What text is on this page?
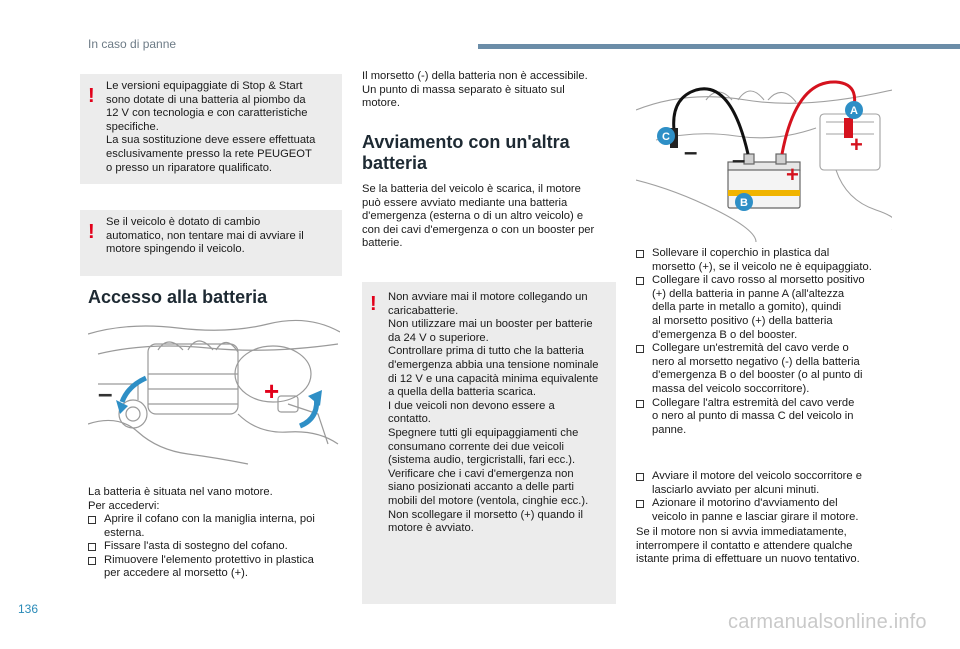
In caso di panne
!	Le versioni equipaggiate di Stop & Start
sono dotate di una batteria al piombo da
12 V con tecnologia e con caratteristiche
specifiche.
La sua sostituzione deve essere effettuata
esclusivamente presso la rete PEUGEOT
o presso un riparatore qualificato.

!	Se il veicolo è dotato di cambio
automatico, non tentare mai di avviare il
motore spingendo il veicolo.

Accesso alla batteria
–	+
La batteria è situata nel vano motore.
Per accedervi:
Aprire il cofano con la maniglia interna, poi
esterna.
Fissare l'asta di sostegno del cofano.
Rimuovere l'elemento protettivo in plastica
per accedere al morsetto (+).
Il morsetto (-) della batteria non è accessibile.
Un punto di massa separato è situato sul
motore.
Avviamento con un'altra
batteria
Se la batteria del veicolo è scarica, il motore
può essere avviato mediante una batteria
d'emergenza (esterna o di un altro veicolo) e
con dei cavi d'emergenza o con un booster per
batterie.
!	Non avviare mai il motore collegando un
caricabatterie.
Non utilizzare mai un booster per batterie
da 24 V o superiore.
Controllare prima di tutto che la batteria
d'emergenza abbia una tensione nominale
di 12 V e una capacità minima equivalente
a quella della batteria scarica.
I due veicoli non devono essere a
contatto.
Spegnere tutti gli equipaggiamenti che
consumano corrente dei due veicoli
(sistema audio, tergicristalli, fari ecc.).
Verificare che i cavi d'emergenza non
siano posizionati accanto a delle parti
mobili del motore (ventola, cinghie ecc.).
Non scollegare il morsetto (+) quando il
motore è avviato.

– –
+
+
A
B
C
Sollevare il coperchio in plastica dal
morsetto (+), se il veicolo ne è equipaggiato.
Collegare il cavo rosso al morsetto positivo
(+) della batteria in panne A (all'altezza
della parte in metallo a gomito), quindi
al morsetto positivo (+) della batteria
d'emergenza B o del booster.
Collegare un'estremità del cavo verde o
nero al morsetto negativo (-) della batteria
d'emergenza B o del booster (o al punto di
massa del veicolo soccorritore).
Collegare l'altra estremità del cavo verde
o nero al punto di massa C del veicolo in
panne.
Avviare il motore del veicolo soccorritore e
lasciarlo avviato per alcuni minuti.
Azionare il motorino d'avviamento del
veicolo in panne e lasciar girare il motore.
Se il motore non si avvia immediatamente,
interrompere il contatto e attendere qualche
istante prima di effettuare un nuovo tentativo.
136
carmanualsonline.info
